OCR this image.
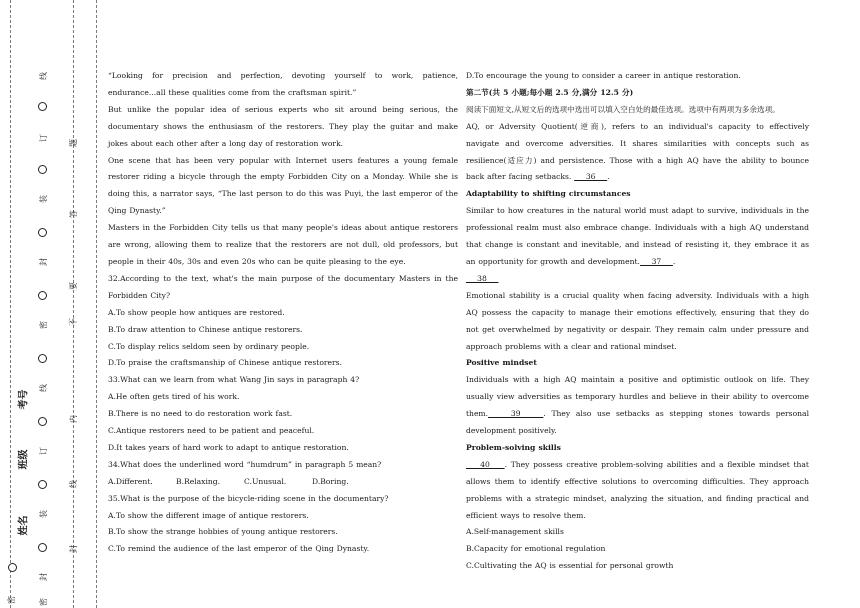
线
订
装
封
密
线
订
装
封
密
题
答
要
不
内
线
封
密
考号
班级
姓名

“Looking for precision and perfection, devoting yourself to work, patience, endurance...all these qualities come from the craftsman spirit.”

But unlike the popular idea of serious experts who sit around being serious, the documentary shows the enthusiasm of the restorers. They play the guitar and make jokes about each other after a long day of restoration work.

One scene that has been very popular with Internet users features a young female restorer riding a bicycle through the empty Forbidden City on a Monday. While she is doing this, a narrator says, “The last person to do this was Puyi, the last emperor of the Qing Dynasty.”

Masters in the Forbidden City tells us that many people's ideas about antique restorers are wrong, allowing them to realize that the restorers are not dull, old professors, but people in their 40s, 30s and even 20s who can be quite pleasing to the eye.

32.According to the text, what's the main purpose of the documentary Masters in the Forbidden City?

A.To show people how antiques are restored.

B.To draw attention to Chinese antique restorers.

C.To display relics seldom seen by ordinary people.

D.To praise the craftsmanship of Chinese antique restorers.

33.What can we learn from what Wang Jin says in paragraph 4?

A.He often gets tired of his work.

B.There is no need to do restoration work fast.

C.Antique restorers need to be patient and peaceful.

D.It takes years of hard work to adapt to antique restoration.

34.What does the underlined word “humdrum” in paragraph 5 mean?

A.Different.	B.Relaxing.	C.Unusual.	D.Boring.

35.What is the purpose of the bicycle-riding scene in the documentary?

A.To show the different image of antique restorers.

B.To show the strange hobbies of young antique restorers.

C.To remind the audience of the last emperor of the Qing Dynasty.

D.To encourage the young to consider a career in antique restoration.

第二节(共 5 小题;每小题 2.5 分,满分 12.5 分)

阅读下面短文,从短文后的选项中选出可以填入空白处的最佳选项。选项中有两项为多余选项。

AQ, or Adversity Quotient(逆商), refers to an individual's capacity to effectively navigate and overcome adversities. It shares similarities with concepts such as resilience(适应力) and persistence. Those with a high AQ have the ability to bounce back after facing setbacks.     36    .

Adaptability to shifting circumstances

Similar to how creatures in the natural world must adapt to survive, individuals in the professional realm must also embrace change. Individuals with a high AQ understand that change is constant and inevitable, and instead of resisting it, they embrace it as an opportunity for growth and development.    37    .

38

Emotional stability is a crucial quality when facing adversity. Individuals with a high AQ possess the capacity to manage their emotions effectively, ensuring that they do not get overwhelmed by negativity or despair. They remain calm under pressure and approach problems with a clear and rational mindset.

Positive mindset

Individuals with a high AQ maintain a positive and optimistic outlook on life. They usually view adversities as temporary hurdles and believe in their ability to overcome them.    39    . They also use setbacks as stepping stones towards personal development positively.

Problem-solving skills

40    . They possess creative problem-solving abilities and a flexible mindset that allows them to identify effective solutions to overcoming difficulties. They approach problems with a strategic mindset, analyzing the situation, and finding practical and efficient ways to resolve them.

A.Self-management skills

B.Capacity for emotional regulation

C.Cultivating the AQ is essential for personal growth
